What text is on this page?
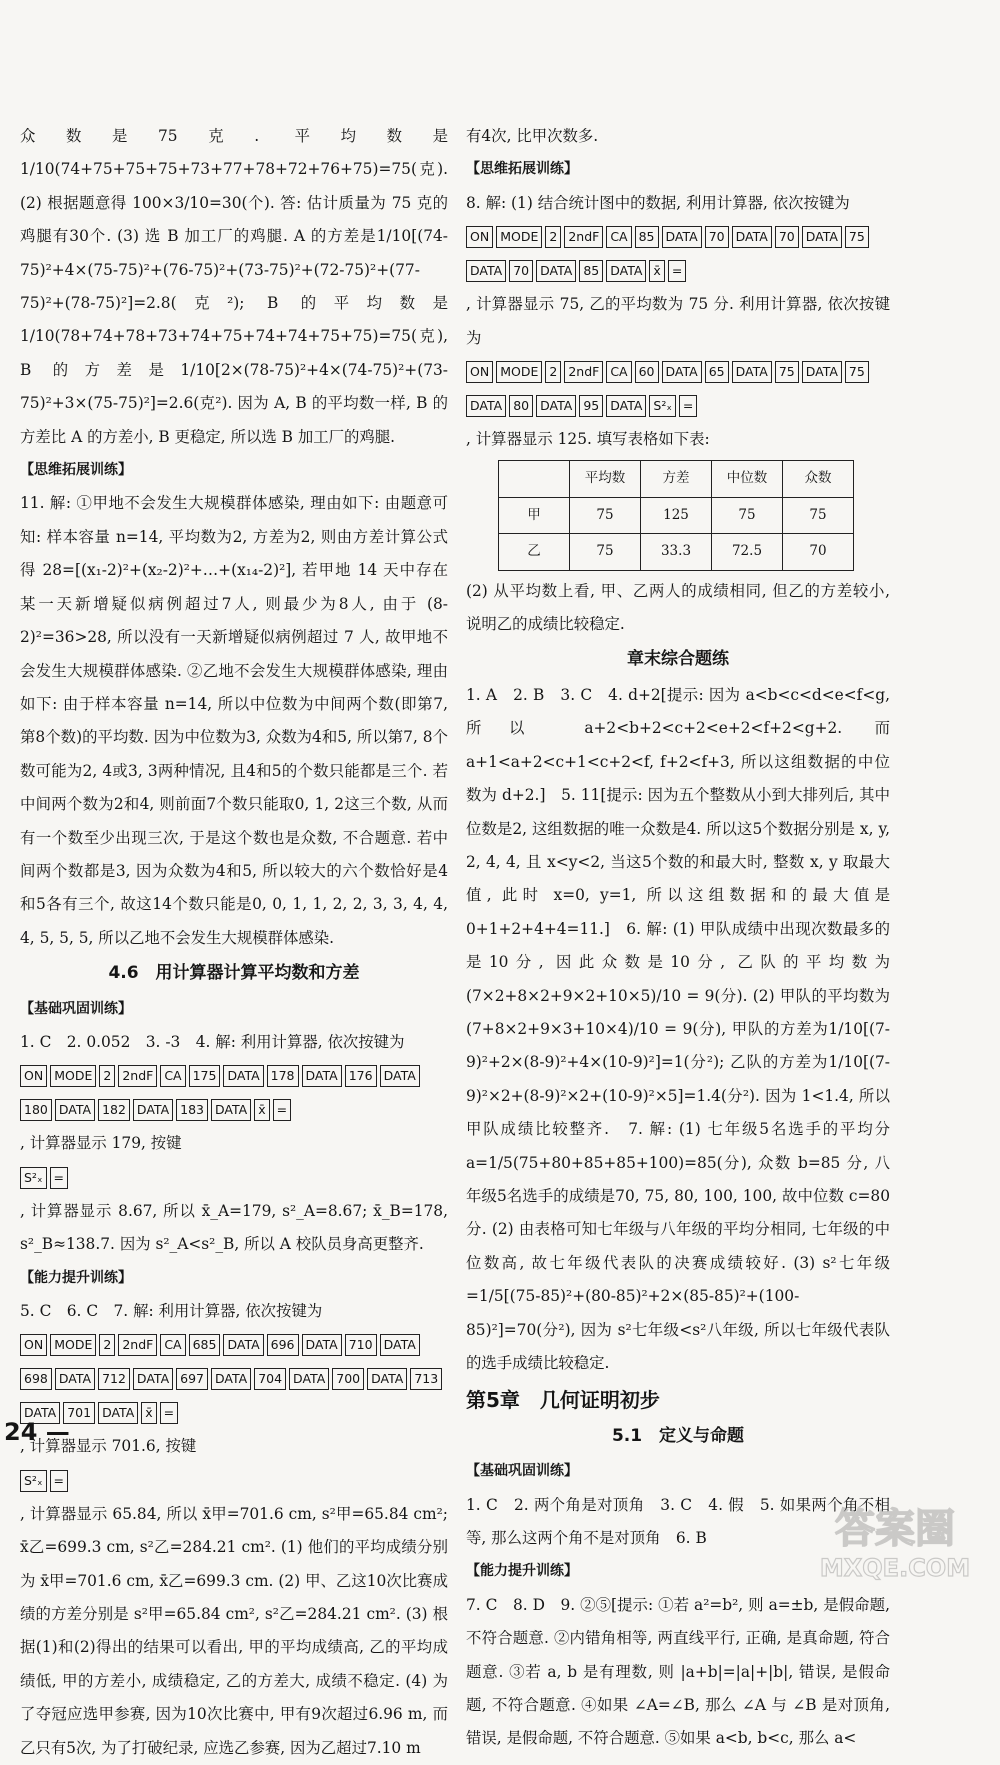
众数是75克. 平均数是1/10(74+75+75+75+73+77+78+72+76+75)=75(克). (2) 根据题意得 100×3/10=30(个). 答: 估计质量为 75 克的鸡腿有30个. (3) 选 B 加工厂的鸡腿. A 的方差是1/10[(74-75)²+4×(75-75)²+(76-75)²+(73-75)²+(72-75)²+(77-75)²+(78-75)²]=2.8(克²); B 的平均数是1/10(78+74+78+73+74+75+74+74+75+75)=75(克), B 的方差是1/10[2×(78-75)²+4×(74-75)²+(73-75)²+3×(75-75)²]=2.6(克²). 因为 A, B 的平均数一样, B 的方差比 A 的方差小, B 更稳定, 所以选 B 加工厂的鸡腿.

【思维拓展训练】

11. 解: ①甲地不会发生大规模群体感染, 理由如下: 由题意可知: 样本容量 n=14, 平均数为2, 方差为2, 则由方差计算公式得 28=[(x₁-2)²+(x₂-2)²+…+(x₁₄-2)²], 若甲地 14 天中存在某一天新增疑似病例超过7人, 则最少为8人, 由于 (8-2)²=36>28, 所以没有一天新增疑似病例超过 7 人, 故甲地不会发生大规模群体感染. ②乙地不会发生大规模群体感染, 理由如下: 由于样本容量 n=14, 所以中位数为中间两个数(即第7, 第8个数)的平均数. 因为中位数为3, 众数为4和5, 所以第7, 8个数可能为2, 4或3, 3两种情况, 且4和5的个数只能都是三个. 若中间两个数为2和4, 则前面7个数只能取0, 1, 2这三个数, 从而有一个数至少出现三次, 于是这个数也是众数, 不合题意. 若中间两个数都是3, 因为众数为4和5, 所以较大的六个数恰好是4和5各有三个, 故这14个数只能是0, 0, 1, 1, 2, 2, 3, 3, 4, 4, 4, 5, 5, 5, 所以乙地不会发生大规模群体感染.

4.6　用计算器计算平均数和方差
【基础巩固训练】

1. C　2. 0.052　3. -3　4. 解: 利用计算器, 依次按键为

ON MODE 2 2ndF CA 175 DATA 178 DATA 176 DATA
180 DATA 182 DATA 183 DATA x̄ =

, 计算器显示 179, 按键

S²ₓ =

, 计算器显示 8.67, 所以 x̄_A=179, s²_A=8.67; x̄_B=178, s²_B≈138.7. 因为 s²_A<s²_B, 所以 A 校队员身高更整齐.

【能力提升训练】

5. C　6. C　7. 解: 利用计算器, 依次按键为

ON MODE 2 2ndF CA 685 DATA 696 DATA 710 DATA
698 DATA 712 DATA 697 DATA 704 DATA 700 DATA 713
DATA 701 DATA x̄ =

, 计算器显示 701.6, 按键

S²ₓ =

, 计算器显示 65.84, 所以 x̄甲=701.6 cm, s²甲=65.84 cm²; x̄乙=699.3 cm, s²乙=284.21 cm². (1) 他们的平均成绩分别为 x̄甲=701.6 cm, x̄乙=699.3 cm. (2) 甲、乙这10次比赛成绩的方差分别是 s²甲=65.84 cm², s²乙=284.21 cm². (3) 根据(1)和(2)得出的结果可以看出, 甲的平均成绩高, 乙的平均成绩低, 甲的方差小, 成绩稳定, 乙的方差大, 成绩不稳定. (4) 为了夺冠应选甲参赛, 因为10次比赛中, 甲有9次超过6.96 m, 而乙只有5次, 为了打破纪录, 应选乙参赛, 因为乙超过7.10 m

有4次, 比甲次数多.

【思维拓展训练】

8. 解: (1) 结合统计图中的数据, 利用计算器, 依次按键为

ON MODE 2 2ndF CA 85 DATA 70 DATA 70 DATA 75
DATA 70 DATA 85 DATA x̄ =

, 计算器显示 75, 乙的平均数为 75 分. 利用计算器, 依次按键为

ON MODE 2 2ndF CA 60 DATA 65 DATA 75 DATA 75
DATA 80 DATA 95 DATA S²ₓ =

, 计算器显示 125. 填写表格如下表:

	平均数	方差	中位数	众数
甲	75	125	75	75
乙	75	33.3	72.5	70

(2) 从平均数上看, 甲、乙两人的成绩相同, 但乙的方差较小, 说明乙的成绩比较稳定.

章末综合题练

1. A　2. B　3. C　4. d+2[提示: 因为 a<b<c<d<e<f<g, 所以 a+2<b+2<c+2<e+2<f+2<g+2. 而 a+1<a+2<c+1<c+2<f, f+2<f+3, 所以这组数据的中位数为 d+2.]　5. 11[提示: 因为五个整数从小到大排列后, 其中位数是2, 这组数据的唯一众数是4. 所以这5个数据分别是 x, y, 2, 4, 4, 且 x<y<2, 当这5个数的和最大时, 整数 x, y 取最大值, 此时 x=0, y=1, 所以这组数据和的最大值是 0+1+2+4+4=11.]　6. 解: (1) 甲队成绩中出现次数最多的是10分, 因此众数是10分, 乙队的平均数为 (7×2+8×2+9×2+10×5)/10 = 9(分). (2) 甲队的平均数为 (7+8×2+9×3+10×4)/10 = 9(分), 甲队的方差为1/10[(7-9)²+2×(8-9)²+4×(10-9)²]=1(分²); 乙队的方差为1/10[(7-9)²×2+(8-9)²×2+(10-9)²×5]=1.4(分²). 因为 1<1.4, 所以甲队成绩比较整齐.　7. 解: (1) 七年级5名选手的平均分 a=1/5(75+80+85+85+100)=85(分), 众数 b=85 分, 八年级5名选手的成绩是70, 75, 80, 100, 100, 故中位数 c=80 分. (2) 由表格可知七年级与八年级的平均分相同, 七年级的中位数高, 故七年级代表队的决赛成绩较好. (3) s²七年级=1/5[(75-85)²+(80-85)²+2×(85-85)²+(100-85)²]=70(分²), 因为 s²七年级<s²八年级, 所以七年级代表队的选手成绩比较稳定.

第5章　几何证明初步
5.1　定义与命题
【基础巩固训练】

1. C　2. 两个角是对顶角　3. C　4. 假　5. 如果两个角不相等, 那么这两个角不是对顶角　6. B

【能力提升训练】

7. C　8. D　9. ②⑤[提示: ①若 a²=b², 则 a=±b, 是假命题, 不符合题意. ②内错角相等, 两直线平行, 正确, 是真命题, 符合题意. ③若 a, b 是有理数, 则 |a+b|=|a|+|b|, 错误, 是假命题, 不符合题意. ④如果 ∠A=∠B, 那么 ∠A 与 ∠B 是对顶角, 错误, 是假命题, 不符合题意. ⑤如果 a<b, b<c, 那么 a<

24 —
答案圈
MXQE.COM
